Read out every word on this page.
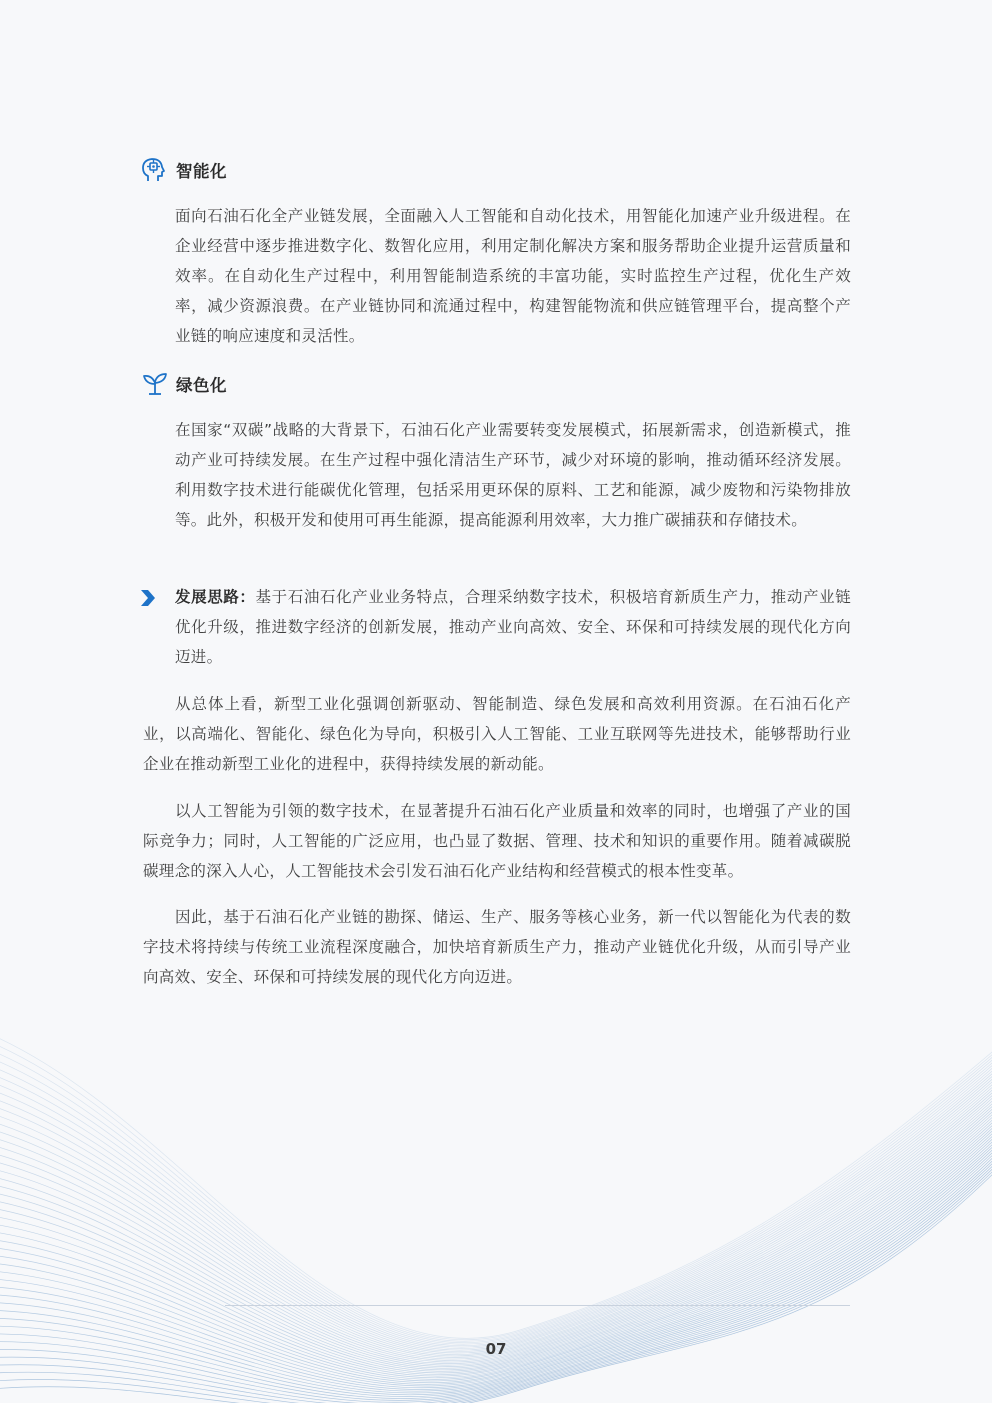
智能化

面向石油石化全产业链发展，全面融入人工智能和自动化技术，用智能化加速产业升级进程。在企业经营中逐步推进数字化、数智化应用，利用定制化解决方案和服务帮助企业提升运营质量和效率。在自动化生产过程中，利用智能制造系统的丰富功能，实时监控生产过程，优化生产效率，减少资源浪费。在产业链协同和流通过程中，构建智能物流和供应链管理平台，提高整个产业链的响应速度和灵活性。

绿色化

在国家“双碳”战略的大背景下，石油石化产业需要转变发展模式，拓展新需求，创造新模式，推动产业可持续发展。在生产过程中强化清洁生产环节，减少对环境的影响，推动循环经济发展。利用数字技术进行能碳优化管理，包括采用更环保的原料、工艺和能源，减少废物和污染物排放等。此外，积极开发和使用可再生能源，提高能源利用效率，大力推广碳捕获和存储技术。

发展思路：基于石油石化产业业务特点，合理采纳数字技术，积极培育新质生产力，推动产业链优化升级，推进数字经济的创新发展，推动产业向高效、安全、环保和可持续发展的现代化方向迈进。

从总体上看，新型工业化强调创新驱动、智能制造、绿色发展和高效利用资源。在石油石化产业，以高端化、智能化、绿色化为导向，积极引入人工智能、工业互联网等先进技术，能够帮助行业企业在推动新型工业化的进程中，获得持续发展的新动能。

以人工智能为引领的数字技术，在显著提升石油石化产业质量和效率的同时，也增强了产业的国际竞争力；同时，人工智能的广泛应用，也凸显了数据、管理、技术和知识的重要作用。随着减碳脱碳理念的深入人心，人工智能技术会引发石油石化产业结构和经营模式的根本性变革。

因此，基于石油石化产业链的勘探、储运、生产、服务等核心业务，新一代以智能化为代表的数字技术将持续与传统工业流程深度融合，加快培育新质生产力，推动产业链优化升级，从而引导产业向高效、安全、环保和可持续发展的现代化方向迈进。

07
